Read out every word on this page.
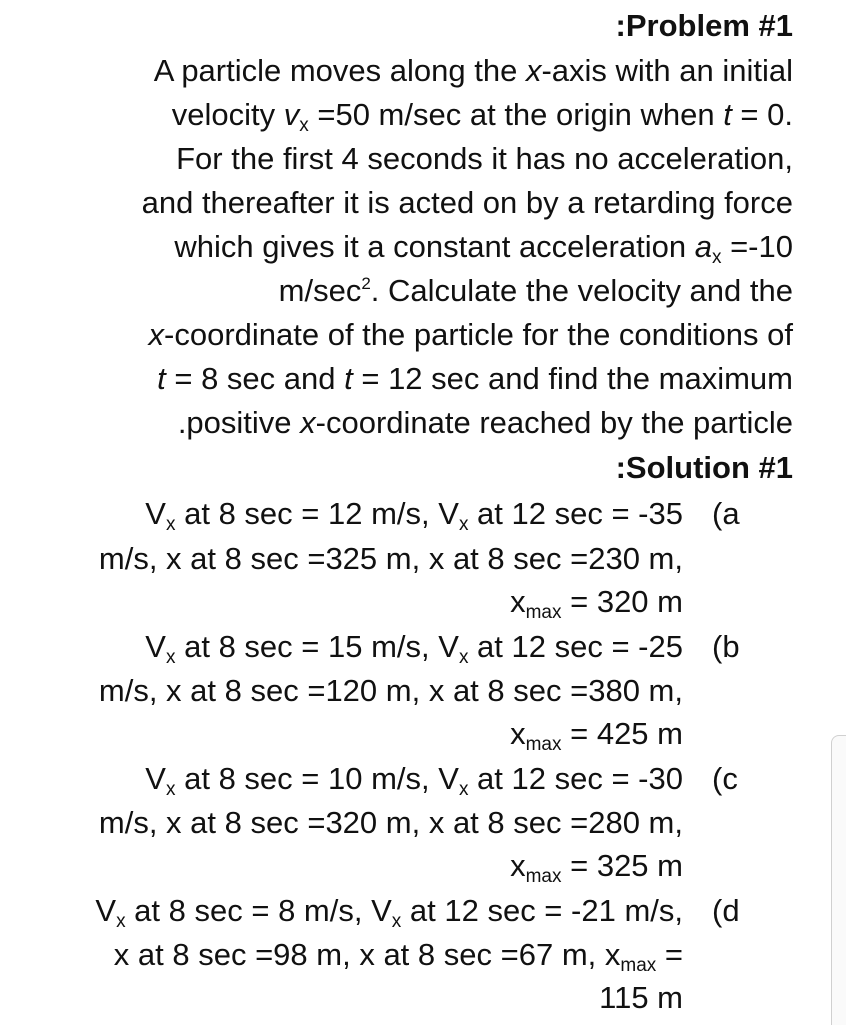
:Problem #1
A particle moves along the x-axis with an initial
velocity $v_x =50$ m/sec at the origin when t = 0.
For the first 4 seconds it has no acceleration,
and thereafter it is acted on by a retarding force
which gives it a constant acceleration $a_x =-10$
$m/\sec^2$. Calculate the velocity and the
x-coordinate of the particle for the conditions of
t = 8 sec and t = 12 sec and find the maximum
.positive x-coordinate reached by the particle
:Solution #1
(a
$V_x$ at 8 sec = 12 m/s, $V_x$ at 12 sec = -35
m/s, x at 8 sec =325 m, x at 8 sec =230 m,
$x_{max} = 320$ m
(b
$V_x$ at 8 sec = 15 m/s, $V_x$ at 12 sec = -25
m/s, x at 8 sec =120 m, x at 8 sec =380 m,
$x_{max} = 425$ m
(c
$V_x$ at 8 sec = 10 m/s, $V_x$ at 12 sec = -30
m/s, x at 8 sec =320 m, x at 8 sec =280 m,
$x_{max} = 325$ m
(d
$V_x$ at 8 sec = 8 m/s, $V_x$ at 12 sec = -21 m/s,
x at 8 sec =98 m, x at 8 sec =67 m, $x_{max}$ =
115 m
